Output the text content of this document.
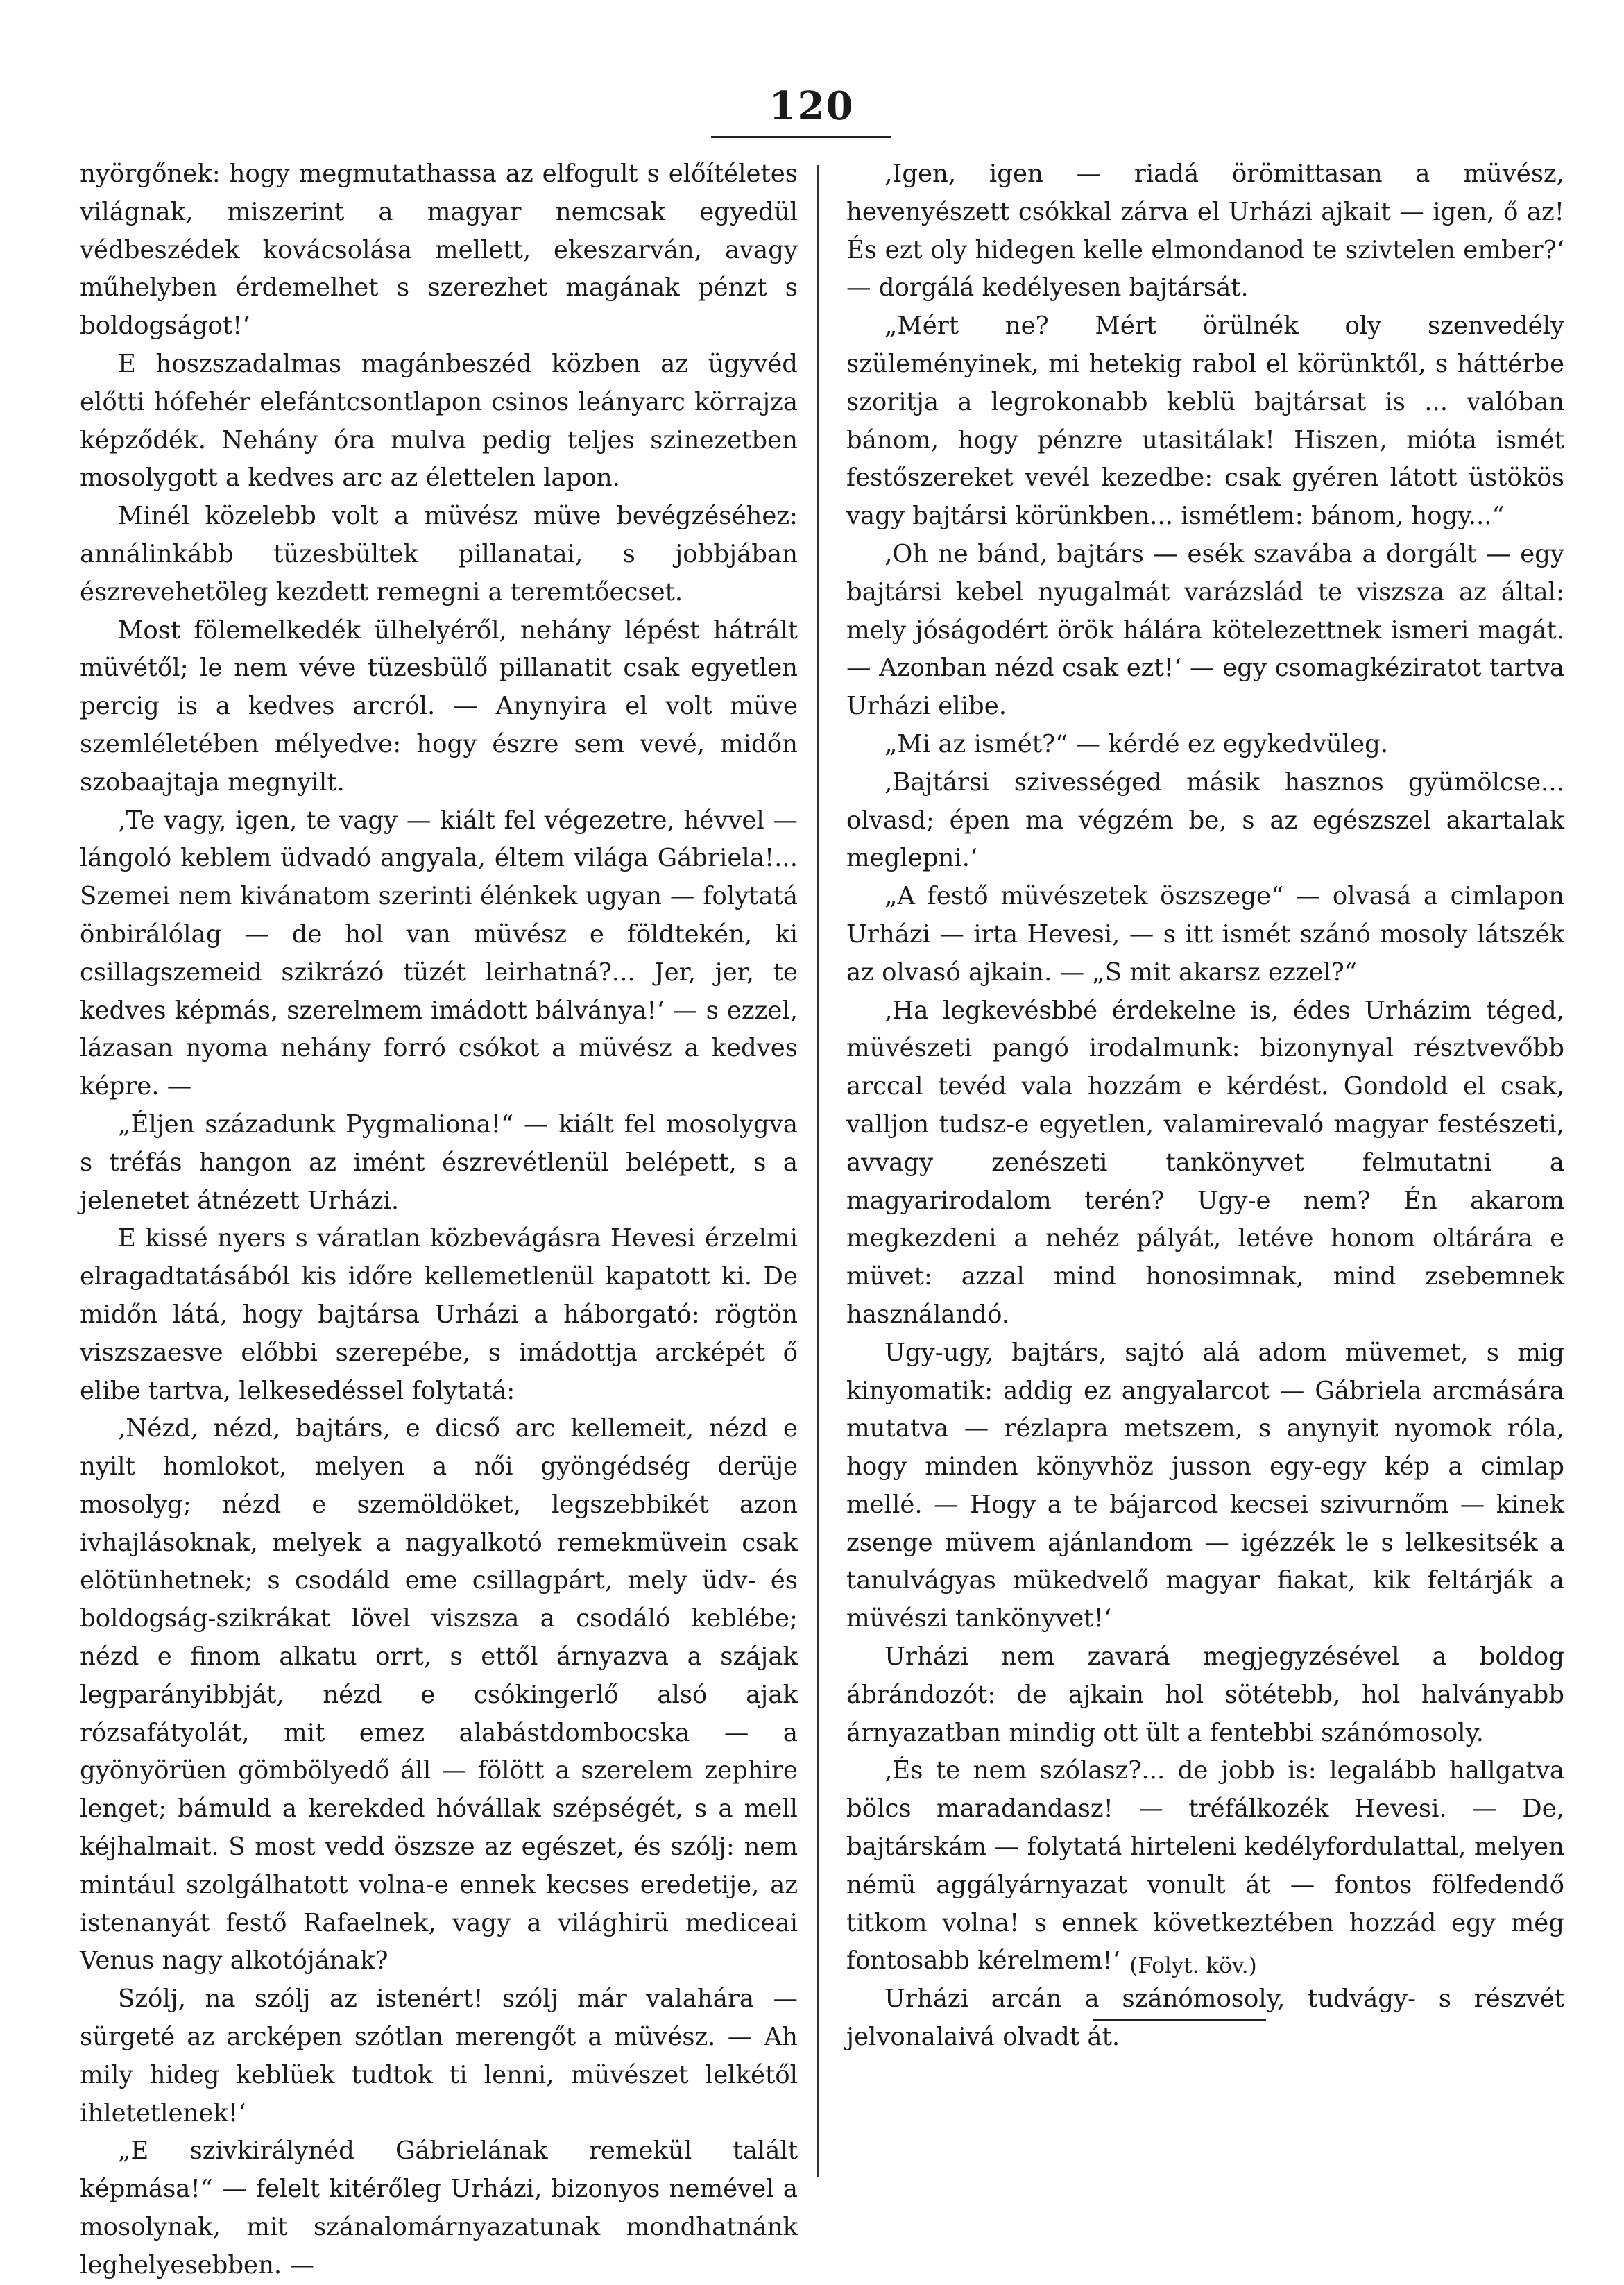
120

nyörgőnek: hogy megmutathassa az elfogult s előítéletes világnak, miszerint a magyar nemcsak egyedül védbeszédek kovácsolása mellett, ekeszarván, avagy műhelyben érdemelhet s szerezhet magának pénzt s boldogságot!‘

E hoszszadalmas magánbeszéd közben az ügyvéd előtti hófehér elefántcsontlapon csinos leányarc körrajza képződék. Nehány óra mulva pedig teljes szinezetben mosolygott a kedves arc az élettelen lapon.

Minél közelebb volt a müvész müve bevégzéséhez: annálinkább tüzesbültek pillanatai, s jobbjában észrevehetöleg kezdett remegni a teremtőecset.

Most fölemelkedék ülhelyéről, nehány lépést hátrált müvétől; le nem véve tüzesbülő pillanatit csak egyetlen percig is a kedves arcról. — Anynyira el volt müve szemléletében mélyedve: hogy észre sem vevé, midőn szobaajtaja megnyilt.

‚Te vagy, igen, te vagy — kiált fel végezetre, hévvel — lángoló keblem üdvadó angyala, éltem világa Gábriela!... Szemei nem kivánatom szerinti élénkek ugyan — folytatá önbirálólag — de hol van müvész e földtekén, ki csillagszemeid szikrázó tüzét leirhatná?... Jer, jer, te kedves képmás, szerelmem imádott bálványa!‘ — s ezzel, lázasan nyoma nehány forró csókot a müvész a kedves képre. —

„Éljen századunk Pygmaliona!“ — kiált fel mosolygva s tréfás hangon az imént észrevétlenül belépett, s a jelenetet átnézett Urházi.

E kissé nyers s váratlan közbevágásra Hevesi érzelmi elragadtatásából kis időre kellemetlenül kapatott ki. De midőn látá, hogy bajtársa Urházi a háborgató: rögtön viszszaesve előbbi szerepébe, s imádottja arcképét ő elibe tartva, lelkesedéssel folytatá:

‚Nézd, nézd, bajtárs, e dicső arc kellemeit, nézd e nyilt homlokot, melyen a női gyöngédség derüje mosolyg; nézd e szemöldöket, legszebbikét azon ivhajlásoknak, melyek a nagyalkotó remekmüvein csak elötünhetnek; s csodáld eme csillagpárt, mely üdv- és boldogság-szikrákat lövel viszsza a csodáló keblébe; nézd e finom alkatu orrt, s ettől árnyazva a szájak legparányibbját, nézd e csókingerlő alsó ajak rózsafátyolát, mit emez alabástdombocska — a gyönyörüen gömbölyedő áll — fölött a szerelem zephire lenget; bámuld a kerekded hóvállak szépségét, s a mell kéjhalmait. S most vedd öszsze az egészet, és szólj: nem mintául szolgálhatott volna-e ennek kecses eredetije, az istenanyát festő Rafaelnek, vagy a világhirü mediceai Venus nagy alkotójának?

Szólj, na szólj az istenért! szólj már valahára — sürgeté az arcképen szótlan merengőt a müvész. — Ah mily hideg keblüek tudtok ti lenni, müvészet lelkétől ihletetlenek!‘

„E szivkirálynéd Gábrielának remekül talált képmása!“ — felelt kitérőleg Urházi, bizonyos nemével a mosolynak, mit szánalomárnyazatunak mondhatnánk leghelyesebben. —

‚Igen, igen — riadá örömittasan a müvész, hevenyészett csókkal zárva el Urházi ajkait — igen, ő az! És ezt oly hidegen kelle elmondanod te szivtelen ember?‘ — dorgálá kedélyesen bajtársát.

„Mért ne? Mért örülnék oly szenvedély szüleményinek, mi hetekig rabol el körünktől, s háttérbe szoritja a legrokonabb keblü bajtársat is ... valóban bánom, hogy pénzre utasitálak! Hiszen, mióta ismét festőszereket vevél kezedbe: csak gyéren látott üstökös vagy bajtársi körünkben... ismétlem: bánom, hogy...“

‚Oh ne bánd, bajtárs — esék szavába a dorgált — egy bajtársi kebel nyugalmát varázslád te viszsza az által: mely jóságodért örök hálára kötelezettnek ismeri magát. — Azonban nézd csak ezt!‘ — egy csomagkéziratot tartva Urházi elibe.

„Mi az ismét?“ — kérdé ez egykedvüleg.

‚Bajtársi szivességed másik hasznos gyümölcse... olvasd; épen ma végzém be, s az egészszel akartalak meglepni.‘

„A festő müvészetek öszszege“ — olvasá a cimlapon Urházi — irta Hevesi, — s itt ismét szánó mosoly látszék az olvasó ajkain. — „S mit akarsz ezzel?“

‚Ha legkevésbbé érdekelne is, édes Urházim téged, müvészeti pangó irodalmunk: bizonynyal résztvevőbb arccal tevéd vala hozzám e kérdést. Gondold el csak, valljon tudsz-e egyetlen, valamirevaló magyar festészeti, avvagy zenészeti tankönyvet felmutatni a magyarirodalom terén? Ugy-e nem? Én akarom megkezdeni a nehéz pályát, letéve honom oltárára e müvet: azzal mind honosimnak, mind zsebemnek használandó.

Ugy-ugy, bajtárs, sajtó alá adom müvemet, s mig kinyomatik: addig ez angyalarcot — Gábriela arcmására mutatva — rézlapra metszem, s anynyit nyomok róla, hogy minden könyvhöz jusson egy-egy kép a cimlap mellé. — Hogy a te bájarcod kecsei szivurnőm — kinek zsenge müvem ajánlandom — igézzék le s lelkesitsék a tanulvágyas mükedvelő magyar fiakat, kik feltárják a müvészi tankönyvet!‘

Urházi nem zavará megjegyzésével a boldog ábrándozót: de ajkain hol sötétebb, hol halványabb árnyazatban mindig ott ült a fentebbi szánómosoly.

‚És te nem szólasz?... de jobb is: legalább hallgatva bölcs maradandasz! — tréfálkozék Hevesi. — De, bajtárskám — folytatá hirteleni kedélyfordulattal, melyen némü aggályárnyazat vonult át — fontos fölfedendő titkom volna! s ennek következtében hozzád egy még fontosabb kérelmem!‘

Urházi arcán a szánómosoly, tudvágy- s részvét jelvonalaivá olvadt át.

(Folyt. köv.)
